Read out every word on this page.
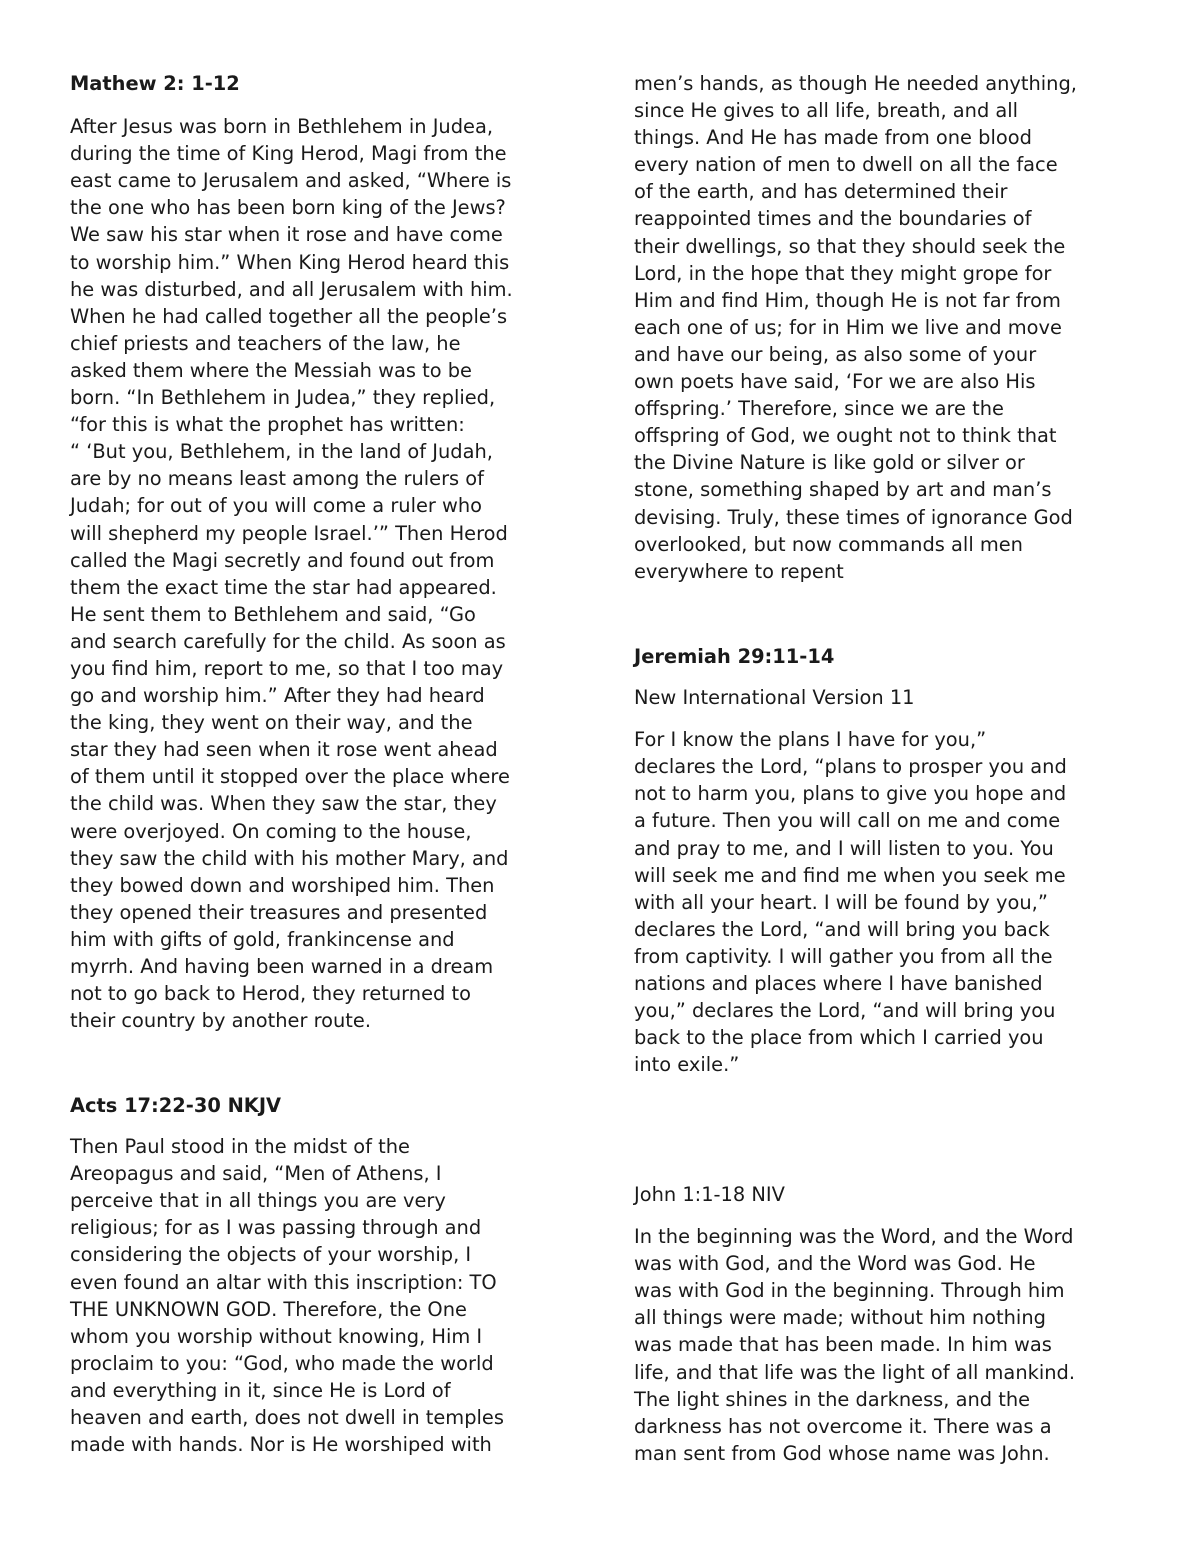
Mathew 2: 1-12

After Jesus was born in Bethlehem in Judea,
during the time of King Herod, Magi from the
east came to Jerusalem and asked, “Where is
the one who has been born king of the Jews?
We saw his star when it rose and have come
to worship him.” When King Herod heard this
he was disturbed, and all Jerusalem with him.
When he had called together all the people’s
chief priests and teachers of the law, he
asked them where the Messiah was to be
born. “In Bethlehem in Judea,” they replied,
“for this is what the prophet has written:
“ ‘But you, Bethlehem, in the land of Judah,
are by no means least among the rulers of
Judah; for out of you will come a ruler who
will shepherd my people Israel.’” Then Herod
called the Magi secretly and found out from
them the exact time the star had appeared.
He sent them to Bethlehem and said, “Go
and search carefully for the child. As soon as
you find him, report to me, so that I too may
go and worship him.” After they had heard
the king, they went on their way, and the
star they had seen when it rose went ahead
of them until it stopped over the place where
the child was. When they saw the star, they
were overjoyed. On coming to the house,
they saw the child with his mother Mary, and
they bowed down and worshiped him. Then
they opened their treasures and presented
him with gifts of gold, frankincense and
myrrh. And having been warned in a dream
not to go back to Herod, they returned to
their country by another route.

Acts 17:22-30 NKJV

Then Paul stood in the midst of the
Areopagus and said, “Men of Athens, I
perceive that in all things you are very
religious; for as I was passing through and
considering the objects of your worship, I
even found an altar with this inscription: TO
THE UNKNOWN GOD. Therefore, the One
whom you worship without knowing, Him I
proclaim to you: “God, who made the world
and everything in it, since He is Lord of
heaven and earth, does not dwell in temples
made with hands. Nor is He worshiped with
men’s hands, as though He needed anything,
since He gives to all life, breath, and all
things. And He has made from one blood
every nation of men to dwell on all the face
of the earth, and has determined their
reappointed times and the boundaries of
their dwellings, so that they should seek the
Lord, in the hope that they might grope for
Him and find Him, though He is not far from
each one of us; for in Him we live and move
and have our being, as also some of your
own poets have said, ‘For we are also His
offspring.’ Therefore, since we are the
offspring of God, we ought not to think that
the Divine Nature is like gold or silver or
stone, something shaped by art and man’s
devising. Truly, these times of ignorance God
overlooked, but now commands all men
everywhere to repent

Jeremiah 29:11-14

New International Version 11

For I know the plans I have for you,”
declares the Lord, “plans to prosper you and
not to harm you, plans to give you hope and
a future. Then you will call on me and come
and pray to me, and I will listen to you. You
will seek me and find me when you seek me
with all your heart. I will be found by you,”
declares the Lord, “and will bring you back
from captivity. I will gather you from all the
nations and places where I have banished
you,” declares the Lord, “and will bring you
back to the place from which I carried you
into exile.”

John 1:1-18 NIV

In the beginning was the Word, and the Word
was with God, and the Word was God. He
was with God in the beginning. Through him
all things were made; without him nothing
was made that has been made. In him was
life, and that life was the light of all mankind.
The light shines in the darkness, and the
darkness has not overcome it. There was a
man sent from God whose name was John.
